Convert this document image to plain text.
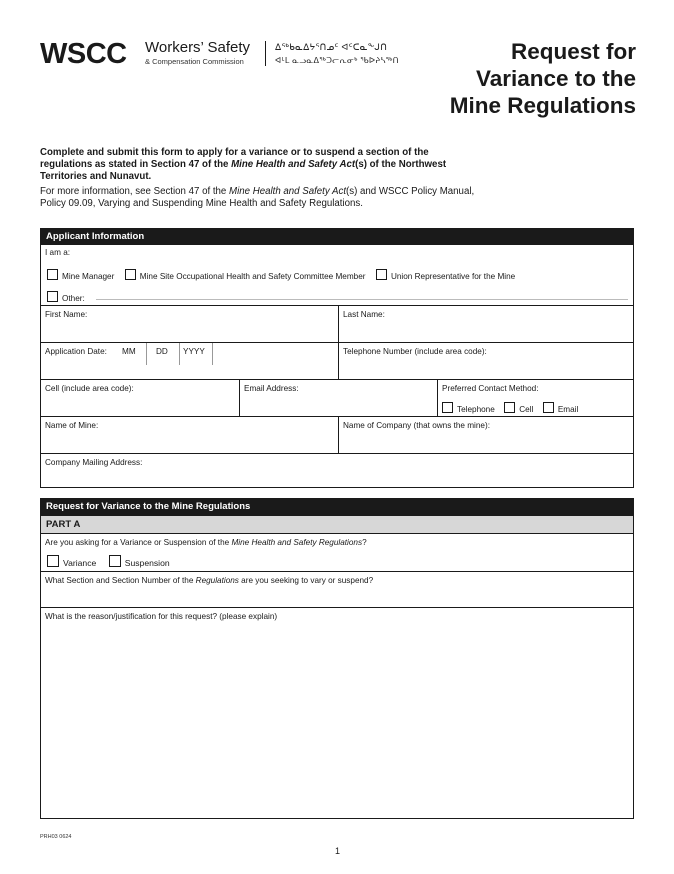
WSCC Workers’ Safety
& Compensation Commission
ᐃᖅᑲᓇᐃᔭᕐᑎᓄᑦ ᐊᑦᑕᓇᖕᒍᑎ
ᐊᒻᒪ ᓇᓗᓇᐃᖅᑐᓕᕆᓂᒃ ᖃᐅᔨᓴᖅᑎ	Request for
Variance to the
Mine Regulations

Complete and submit this form to apply for a variance or to suspend a section of the regulations as stated in Section 47 of the Mine Health and Safety Act(s) of the Northwest Territories and Nunavut.

For more information, see Section 47 of the Mine Health and Safety Act(s) and WSCC Policy Manual, Policy 09.09, Varying and Suspending Mine Health and Safety Regulations.

Applicant Information
I am a:
Mine Manager	Mine Site Occupational Health and Safety Committee Member	Union Representative for the Mine
Other:
First Name:	Last Name:
Application Date: MM DD YYYY	Telephone Number (include area code):
Cell (include area code):	Email Address:	Preferred Contact Method:
Telephone	Cell	Email
Name of Mine:	Name of Company (that owns the mine):
Company Mailing Address:
Request for Variance to the Mine Regulations
PART A
Are you asking for a Variance or Suspension of the Mine Health and Safety Regulations?
Variance	Suspension
What Section and Section Number of the Regulations are you seeking to vary or suspend?
What is the reason/justification for this request? (please explain)
PRH03 0624
1
